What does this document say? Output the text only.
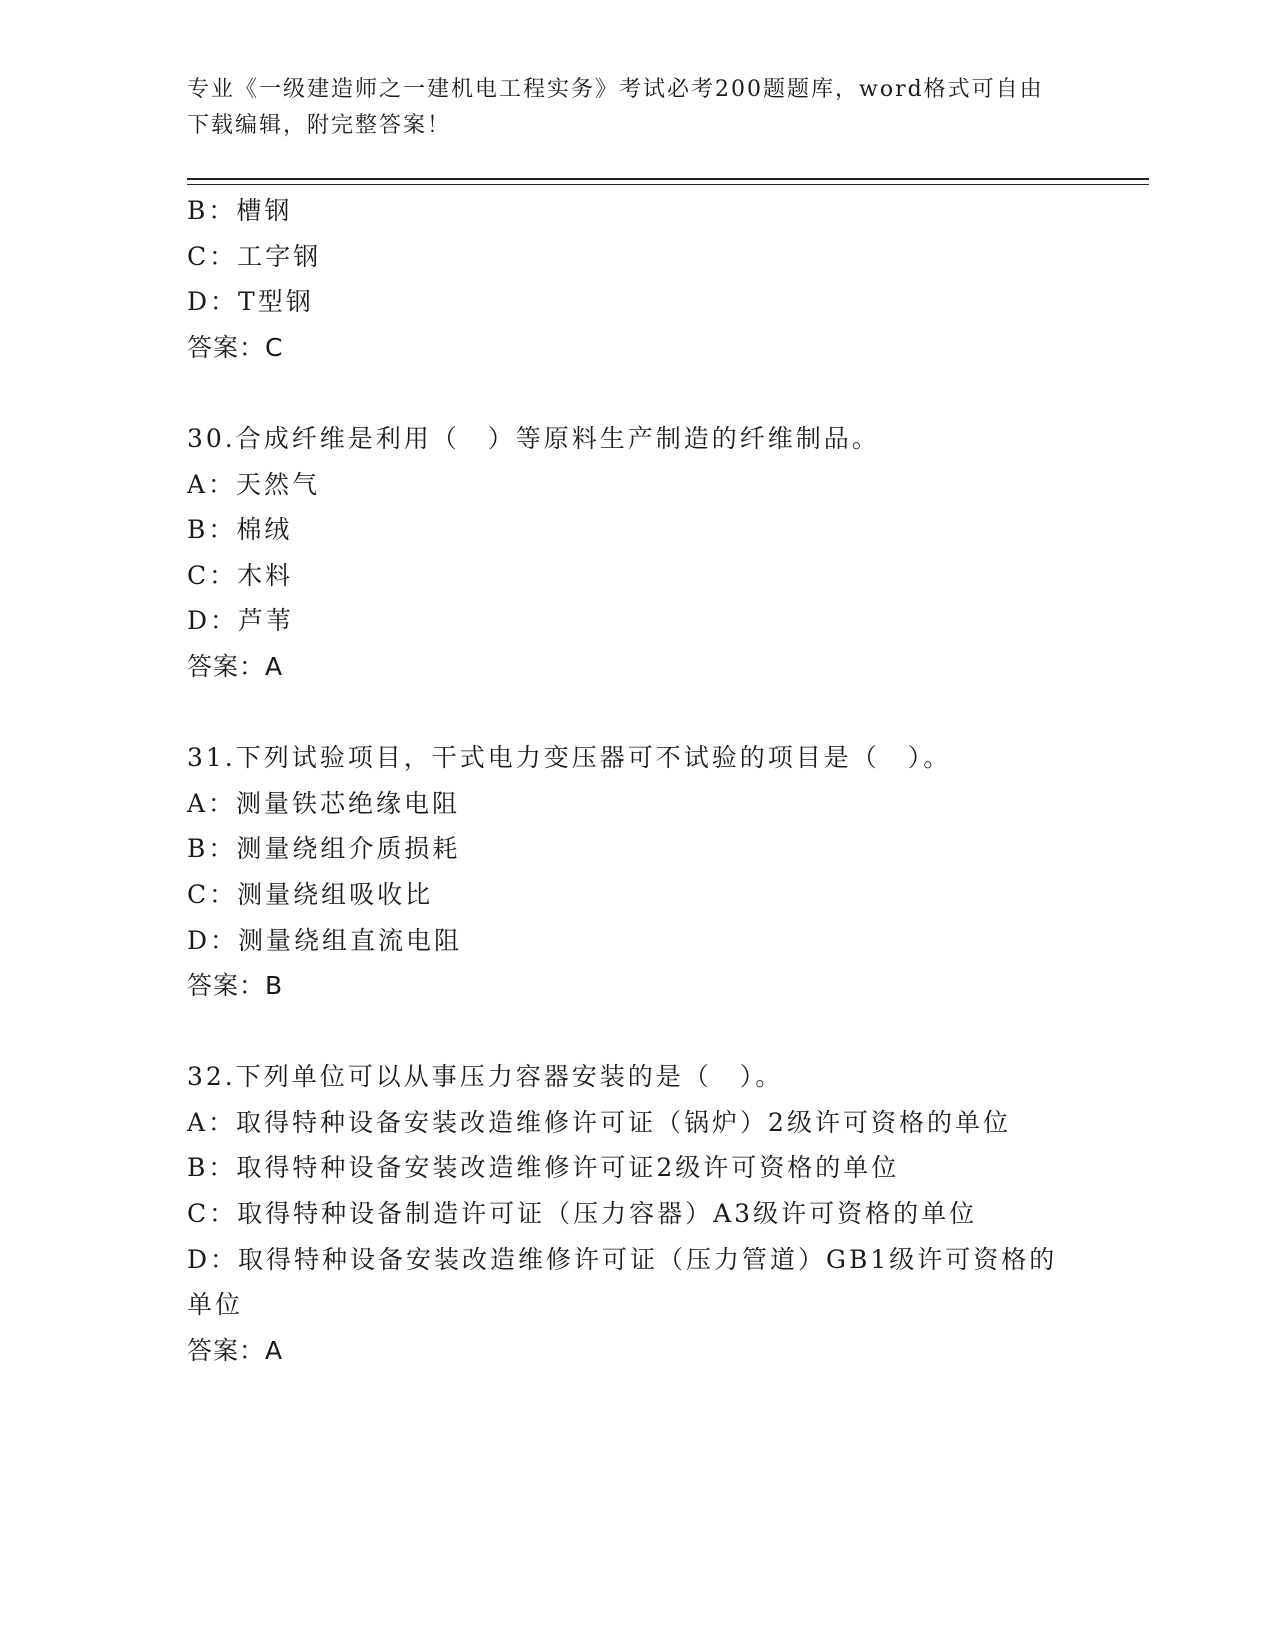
专业《一级建造师之一建机电工程实务》考试必考200题题库，word格式可自由下载编辑，附完整答案！
B：槽钢
C：工字钢
D：T型钢
答案：C
30.合成纤维是利用（　）等原料生产制造的纤维制品。
A：天然气
B：棉绒
C：木料
D：芦苇
答案：A
31.下列试验项目，干式电力变压器可不试验的项目是（　）。
A：测量铁芯绝缘电阻
B：测量绕组介质损耗
C：测量绕组吸收比
D：测量绕组直流电阻
答案：B
32.下列单位可以从事压力容器安装的是（　）。
A：取得特种设备安装改造维修许可证（锅炉）2级许可资格的单位
B：取得特种设备安装改造维修许可证2级许可资格的单位
C：取得特种设备制造许可证（压力容器）A3级许可资格的单位
D：取得特种设备安装改造维修许可证（压力管道）GB1级许可资格的单位
答案：A
